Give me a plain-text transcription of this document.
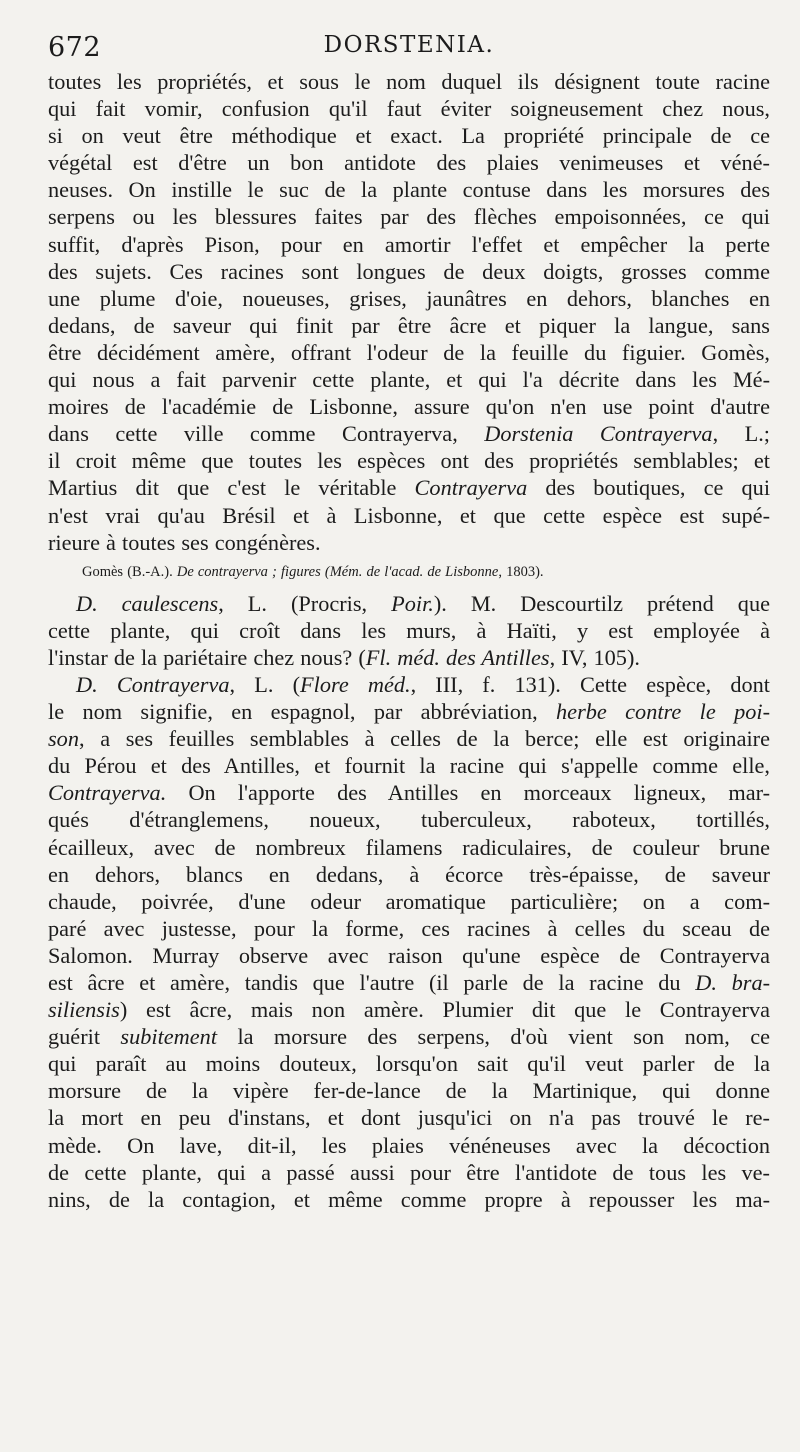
672	DORSTENIA.

toutes les propriétés, et sous le nom duquel ils désignent toute racine
qui fait vomir, confusion qu'il faut éviter soigneusement chez nous,
si on veut être méthodique et exact. La propriété principale de ce
végétal est d'être un bon antidote des plaies venimeuses et véné-
neuses. On instille le suc de la plante contuse dans les morsures des
serpens ou les blessures faites par des flèches empoisonnées, ce qui
suffit, d'après Pison, pour en amortir l'effet et empêcher la perte
des sujets. Ces racines sont longues de deux doigts, grosses comme
une plume d'oie, noueuses, grises, jaunâtres en dehors, blanches en
dedans, de saveur qui finit par être âcre et piquer la langue, sans
être décidément amère, offrant l'odeur de la feuille du figuier. Gomès,
qui nous a fait parvenir cette plante, et qui l'a décrite dans les Mé-
moires de l'académie de Lisbonne, assure qu'on n'en use point d'autre
dans cette ville comme Contrayerva, Dorstenia Contrayerva, L.;
il croit même que toutes les espèces ont des propriétés semblables; et
Martius dit que c'est le véritable Contrayerva des boutiques, ce qui
n'est vrai qu'au Brésil et à Lisbonne, et que cette espèce est supé-
rieure à toutes ses congénères.

Gomès (B.-A.). De contrayerva ; figures (Mém. de l'acad. de Lisbonne, 1803).

D. caulescens, L. (Procris, Poir.). M. Descourtilz prétend que
cette plante, qui croît dans les murs, à Haïti, y est employée à
l'instar de la pariétaire chez nous? (Fl. méd. des Antilles, IV, 105).

D. Contrayerva, L. (Flore méd., III, f. 131). Cette espèce, dont
le nom signifie, en espagnol, par abbréviation, herbe contre le poi-
son, a ses feuilles semblables à celles de la berce; elle est originaire
du Pérou et des Antilles, et fournit la racine qui s'appelle comme elle,
Contrayerva. On l'apporte des Antilles en morceaux ligneux, mar-
qués d'étranglemens, noueux, tuberculeux, raboteux, tortillés,
écailleux, avec de nombreux filamens radiculaires, de couleur brune
en dehors, blancs en dedans, à écorce très-épaisse, de saveur
chaude, poivrée, d'une odeur aromatique particulière; on a com-
paré avec justesse, pour la forme, ces racines à celles du sceau de
Salomon. Murray observe avec raison qu'une espèce de Contrayerva
est âcre et amère, tandis que l'autre (il parle de la racine du D. bra-
siliensis) est âcre, mais non amère. Plumier dit que le Contrayerva
guérit subitement la morsure des serpens, d'où vient son nom, ce
qui paraît au moins douteux, lorsqu'on sait qu'il veut parler de la
morsure de la vipère fer-de-lance de la Martinique, qui donne
la mort en peu d'instans, et dont jusqu'ici on n'a pas trouvé le re-
mède. On lave, dit-il, les plaies vénéneuses avec la décoction
de cette plante, qui a passé aussi pour être l'antidote de tous les ve-
nins, de la contagion, et même comme propre à repousser les ma-
